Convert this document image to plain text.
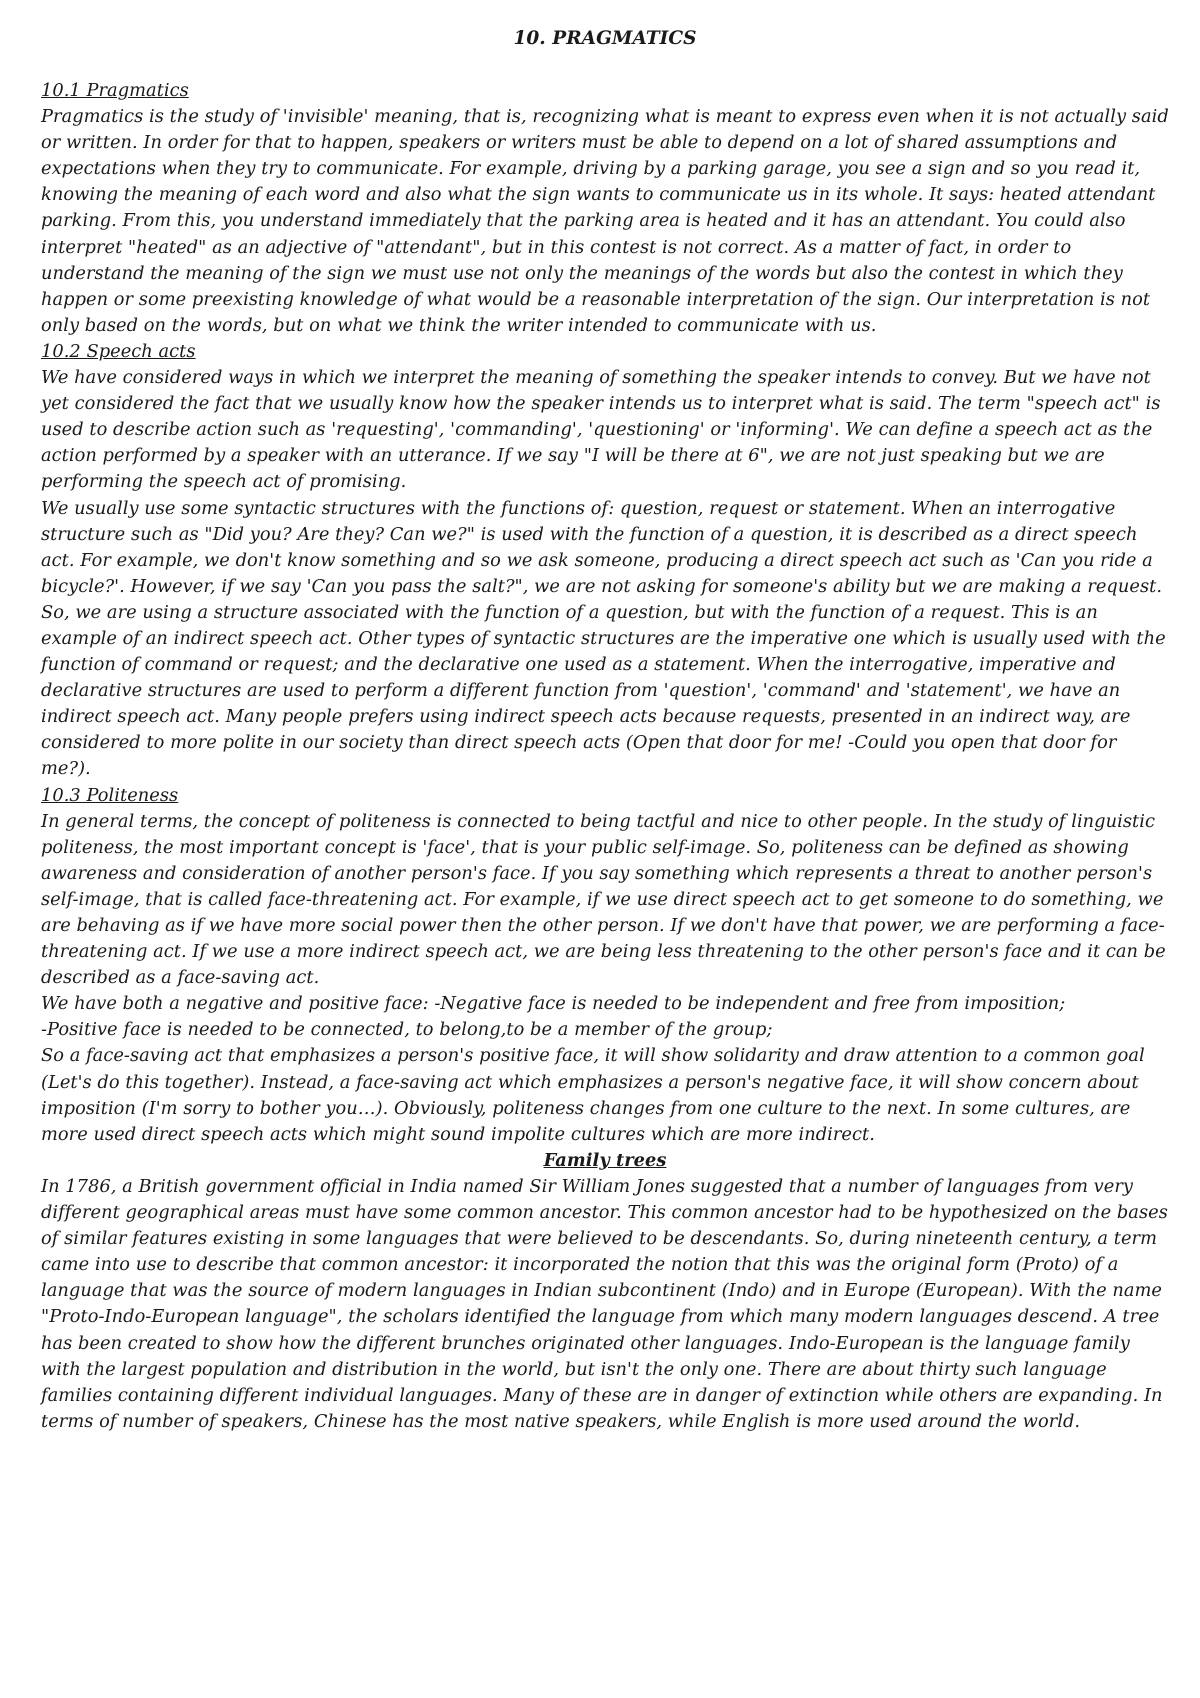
10. PRAGMATICS
10.1 Pragmatics
Pragmatics is the study of 'invisible' meaning, that is, recognizing what is meant to express even when it is not actually said or written. In order for that to happen, speakers or writers must be able to depend on a lot of shared assumptions and expectations when they try to communicate. For example, driving by a parking garage, you see a sign and so you read it, knowing the meaning of each word and also what the sign wants to communicate us in its whole. It says: heated attendant parking. From this, you understand immediately that the parking area is heated and it has an attendant. You could also interpret "heated" as an adjective of "attendant", but in this contest is not correct. As a matter of fact, in order to understand the meaning of the sign we must use not only the meanings of the words but also the contest in which they happen or some preexisting knowledge of what would be a reasonable interpretation of the sign. Our interpretation is not only based on the words, but on what we think the writer intended to communicate with us.
10.2 Speech acts
We have considered ways in which we interpret the meaning of something the speaker intends to convey. But we have not yet considered the fact that we usually know how the speaker intends us to interpret what is said. The term "speech act" is used to describe action such as 'requesting', 'commanding', 'questioning' or 'informing'. We can define a speech act as the action performed by a speaker with an utterance. If we say "I will be there at 6", we are not just speaking but we are performing the speech act of promising.
We usually use some syntactic structures with the functions of: question, request or statement. When an interrogative structure such as "Did you? Are they? Can we?" is used with the function of a question, it is described as a direct speech act. For example, we don't know something and so we ask someone, producing a direct speech act such as 'Can you ride a bicycle?'. However, if we say 'Can you pass the salt?", we are not asking for someone's ability but we are making a request. So, we are using a structure associated with the function of a question, but with the function of a request. This is an example of an indirect speech act. Other types of syntactic structures are the imperative one which is usually used with the function of command or request; and the declarative one used as a statement. When the interrogative, imperative and declarative structures are used to perform a different function from 'question', 'command' and 'statement', we have an indirect speech act. Many people prefers using indirect speech acts because requests, presented in an indirect way, are considered to more polite in our society than direct speech acts (Open that door for me! -Could you open that door for me?).
10.3 Politeness
In general terms, the concept of politeness is connected to being tactful and nice to other people. In the study of linguistic politeness, the most important concept is 'face', that is your public self-image. So, politeness can be defined as showing awareness and consideration of another person's face. If you say something which represents a threat to another person's self-image, that is called face-threatening act. For example, if we use direct speech act to get someone to do something, we are behaving as if we have more social power then the other person. If we don't have that power, we are performing a face-threatening act. If we use a more indirect speech act, we are being less threatening to the other person's face and it can be described as a face-saving act.
We have both a negative and positive face: -Negative face is needed to be independent and free from imposition;
-Positive face is needed to be connected, to belong,to be a member of the group;
So a face-saving act that emphasizes a person's positive face, it will show solidarity and draw attention to a common goal (Let's do this together). Instead, a face-saving act which emphasizes a person's negative face, it will show concern about imposition (I'm sorry to bother you…). Obviously, politeness changes from one culture to the next. In some cultures, are more used direct speech acts which might sound impolite cultures which are more indirect.
Family trees
In 1786, a British government official in India named Sir William Jones suggested that a number of languages from very different geographical areas must have some common ancestor. This common ancestor had to be hypothesized on the bases of similar features existing in some languages that were believed to be descendants. So, during nineteenth century, a term came into use to describe that common ancestor: it incorporated the notion that this was the original form (Proto) of a language that was the source of modern languages in Indian subcontinent (Indo) and in Europe (European). With the name "Proto-Indo-European language", the scholars identified the language from which many modern languages descend. A tree has been created to show how the different brunches originated other languages. Indo-European is the language family with the largest population and distribution in the world, but isn't the only one. There are about thirty such language families containing different individual languages. Many of these are in danger of extinction while others are expanding. In terms of number of speakers, Chinese has the most native speakers, while English is more used around the world.
